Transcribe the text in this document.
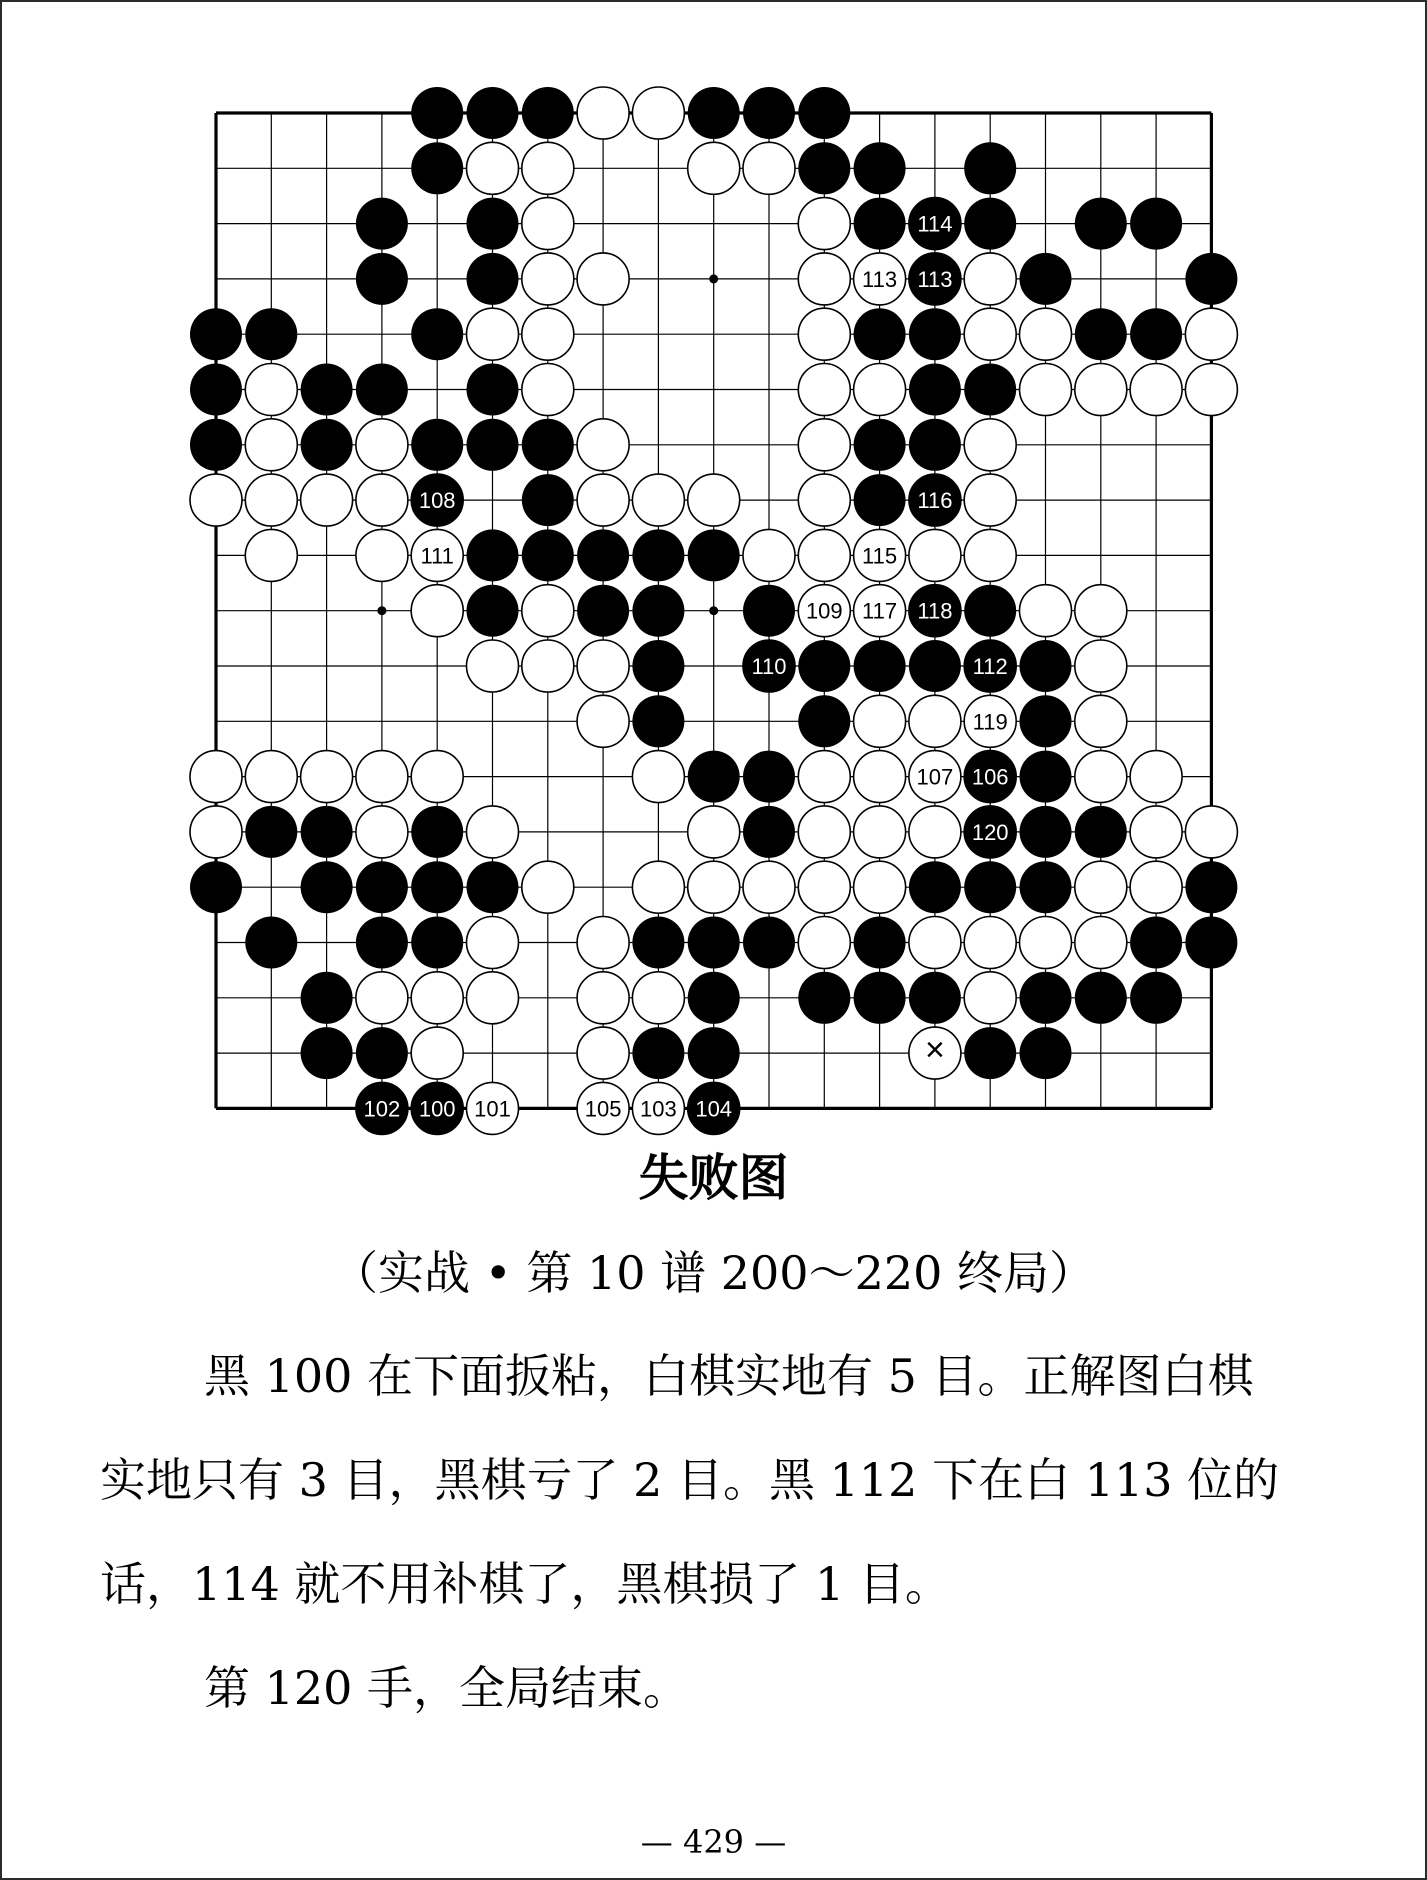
114
113
108	116
118
110	112
106
120
102 100	104
113
111	115
109 117
119
107
101	105 103
×
失败图
（实战 • 第 10 谱 200～220 终局）
黑 100 在下面扳粘，白棋实地有 5 目。正解图白棋
实地只有 3 目，黑棋亏了 2 目。黑 112 下在白 113 位的
话，114 就不用补棋了，黑棋损了 1 目。
第 120 手，全局结束。
— 429 —
